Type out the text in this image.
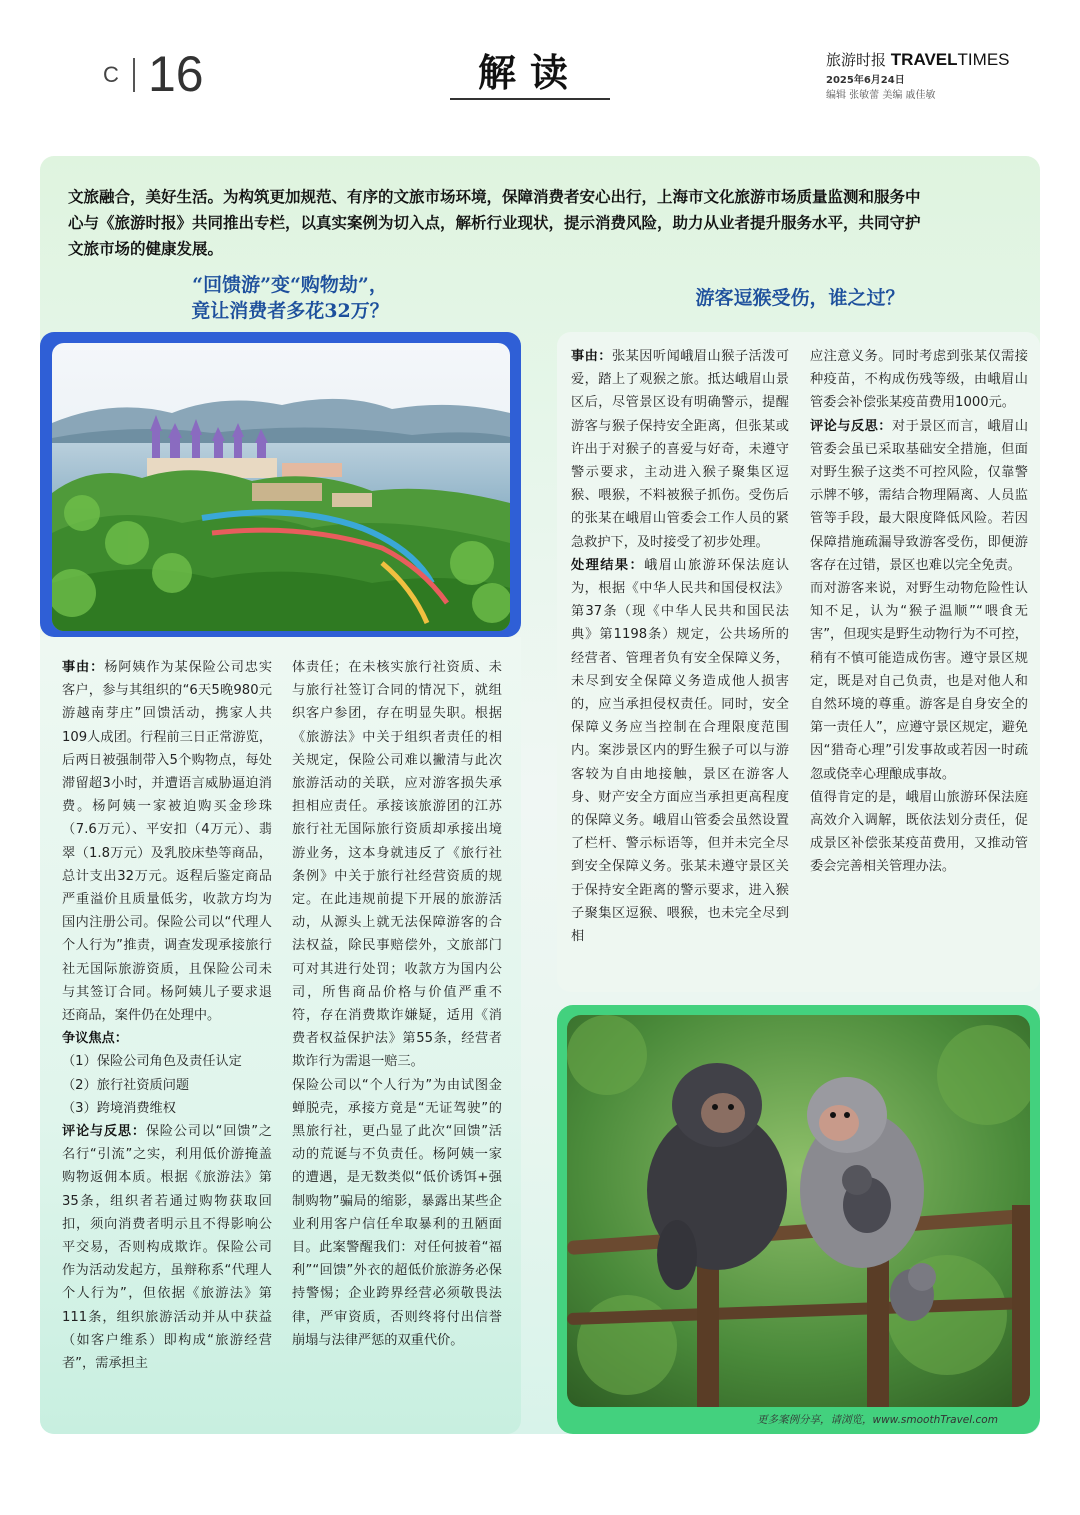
C 16	解读	旅游时报 TRAVELTIMES
2025年6月24日
编辑 张敏蕾 美编 戚佳敏
文旅融合，美好生活。为构筑更加规范、有序的文旅市场环境，保障消费者安心出行，上海市文化旅游市场质量监测和服务中心与《旅游时报》共同推出专栏，以真实案例为切入点，解析行业现状，提示消费风险，助力从业者提升服务水平，共同守护文旅市场的健康发展。
“回馈游”变“购物劫”，
竟让消费者多花32万？
游客逗猴受伤，谁之过？

事由：杨阿姨作为某保险公司忠实客户，参与其组织的“6天5晚980元游越南芽庄”回馈活动，携家人共109人成团。行程前三日正常游览，后两日被强制带入5个购物点，每处滞留超3小时，并遭语言威胁逼迫消费。杨阿姨一家被迫购买金珍珠（7.6万元）、平安扣（4万元）、翡翠（1.8万元）及乳胶床垫等商品，总计支出32万元。返程后鉴定商品严重溢价且质量低劣，收款方均为国内注册公司。保险公司以“代理人个人行为”推责，调查发现承接旅行社无国际旅游资质，且保险公司未与其签订合同。杨阿姨儿子要求退还商品，案件仍在处理中。

争议焦点：

（1）保险公司角色及责任认定

（2）旅行社资质问题

（3）跨境消费维权

评论与反思：保险公司以“回馈”之名行“引流”之实，利用低价游掩盖购物返佣本质。根据《旅游法》第35条，组织者若通过购物获取回扣，须向消费者明示且不得影响公平交易，否则构成欺诈。保险公司作为活动发起方，虽辩称系“代理人个人行为”，但依据《旅游法》第111条，组织旅游活动并从中获益（如客户维系）即构成“旅游经营者”，需承担主

体责任；在未核实旅行社资质、未与旅行社签订合同的情况下，就组织客户参团，存在明显失职。根据《旅游法》中关于组织者责任的相关规定，保险公司难以撇清与此次旅游活动的关联，应对游客损失承担相应责任。承接该旅游团的江苏旅行社无国际旅行资质却承接出境游业务，这本身就违反了《旅行社条例》中关于旅行社经营资质的规定。在此违规前提下开展的旅游活动，从源头上就无法保障游客的合法权益，除民事赔偿外，文旅部门可对其进行处罚；收款方为国内公司，所售商品价格与价值严重不符，存在消费欺诈嫌疑，适用《消费者权益保护法》第55条，经营者欺诈行为需退一赔三。

保险公司以“个人行为”为由试图金蝉脱壳，承接方竟是“无证驾驶”的黑旅行社，更凸显了此次“回馈”活动的荒诞与不负责任。杨阿姨一家的遭遇，是无数类似“低价诱饵+强制购物”骗局的缩影，暴露出某些企业利用客户信任牟取暴利的丑陋面目。此案警醒我们：对任何披着“福利”“回馈”外衣的超低价旅游务必保持警惕；企业跨界经营必须敬畏法律，严审资质，否则终将付出信誉崩塌与法律严惩的双重代价。

事由：张某因听闻峨眉山猴子活泼可爱，踏上了观猴之旅。抵达峨眉山景区后，尽管景区设有明确警示，提醒游客与猴子保持安全距离，但张某或许出于对猴子的喜爱与好奇，未遵守警示要求，主动进入猴子聚集区逗猴、喂猴，不料被猴子抓伤。受伤后的张某在峨眉山管委会工作人员的紧急救护下，及时接受了初步处理。

处理结果：峨眉山旅游环保法庭认为，根据《中华人民共和国侵权法》第37条（现《中华人民共和国民法典》第1198条）规定，公共场所的经营者、管理者负有安全保障义务，未尽到安全保障义务造成他人损害的，应当承担侵权责任。同时，安全保障义务应当控制在合理限度范围内。案涉景区内的野生猴子可以与游客较为自由地接触，景区在游客人身、财产安全方面应当承担更高程度的保障义务。峨眉山管委会虽然设置了栏杆、警示标语等，但并未完全尽到安全保障义务。张某未遵守景区关于保持安全距离的警示要求，进入猴子聚集区逗猴、喂猴，也未完全尽到相

应注意义务。同时考虑到张某仅需接种疫苗，不构成伤残等级，由峨眉山管委会补偿张某疫苗费用1000元。

评论与反思：对于景区而言，峨眉山管委会虽已采取基础安全措施，但面对野生猴子这类不可控风险，仅靠警示牌不够，需结合物理隔离、人员监管等手段，最大限度降低风险。若因保障措施疏漏导致游客受伤，即便游客存在过错，景区也难以完全免责。

而对游客来说，对野生动物危险性认知不足，认为“猴子温顺”“喂食无害”，但现实是野生动物行为不可控，稍有不慎可能造成伤害。遵守景区规定，既是对自己负责，也是对他人和自然环境的尊重。游客是自身安全的第一责任人”，应遵守景区规定，避免因“猎奇心理”引发事故或若因一时疏忽或侥幸心理酿成事故。

值得肯定的是，峨眉山旅游环保法庭高效介入调解，既依法划分责任，促成景区补偿张某疫苗费用，又推动管委会完善相关管理办法。

更多案例分享，请浏览，www.smoothTravel.com
